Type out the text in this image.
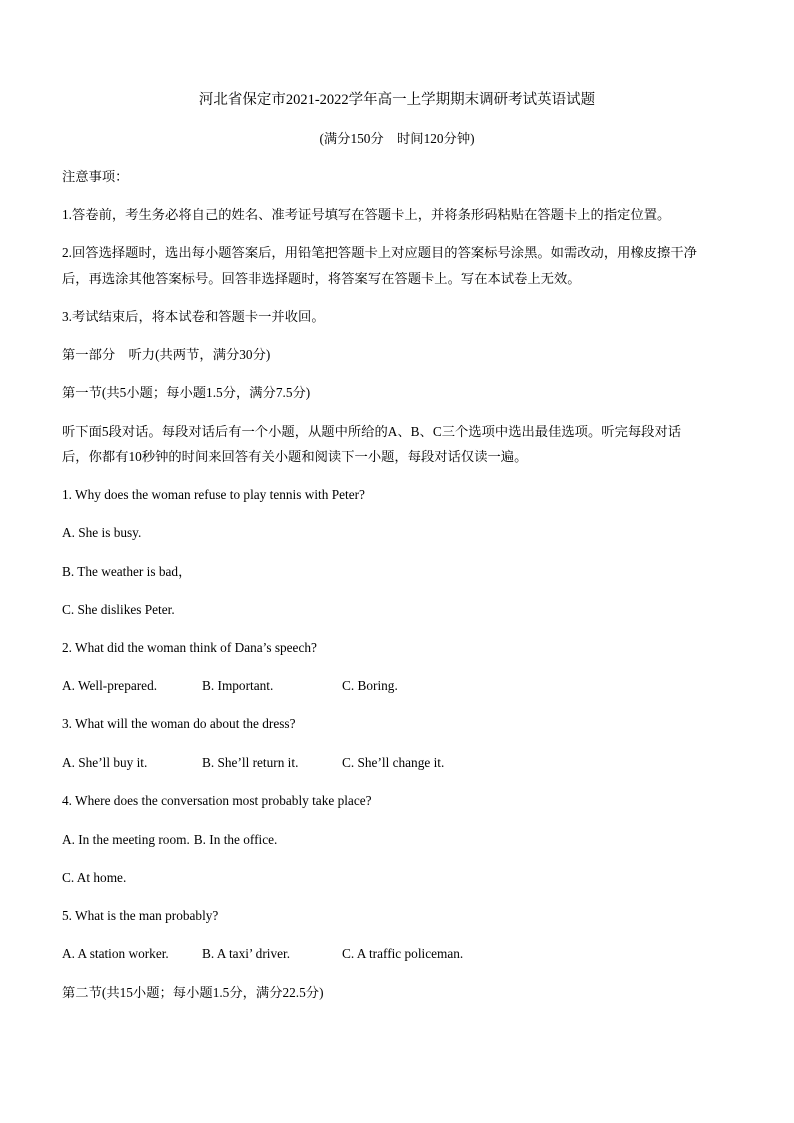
河北省保定市2021-2022学年高一上学期期末调研考试英语试题
(满分150分　时间120分钟)
注意事项：
1.答卷前，考生务必将自己的姓名、准考证号填写在答题卡上，并将条形码粘贴在答题卡上的指定位置。
2.回答选择题时，选出每小题答案后，用铅笔把答题卡上对应题目的答案标号涂黑。如需改动，用橡皮擦干净
后，再选涂其他答案标号。回答非选择题时，将答案写在答题卡上。写在本试卷上无效。
3.考试结束后，将本试卷和答题卡一并收回。
第一部分　听力(共两节，满分30分)
第一节(共5小题；每小题1.5分，满分7.5分)
听下面5段对话。每段对话后有一个小题，从题中所给的A、B、C三个选项中选出最佳选项。听完每段对话
后，你都有10秒钟的时间来回答有关小题和阅读下一小题，每段对话仅读一遍。
1. Why does the woman refuse to play tennis with Peter?
A. She is busy.
B. The weather is bad，
C. She dislikes Peter.
2. What did the woman think of Dana’s speech?
A. Well-prepared.	B. Important.	C. Boring.
3. What will the woman do about the dress?
A. She’ll buy it.	B. She’ll return it.	C. She’ll change it.
4. Where does the conversation most probably take place?
A. In the meeting room. B. In the office.
C. At home.
5. What is the man probably?
A. A station worker.	B. A taxi’ driver.	C. A traffic policeman.
第二节(共15小题；每小题1.5分，满分22.5分)
